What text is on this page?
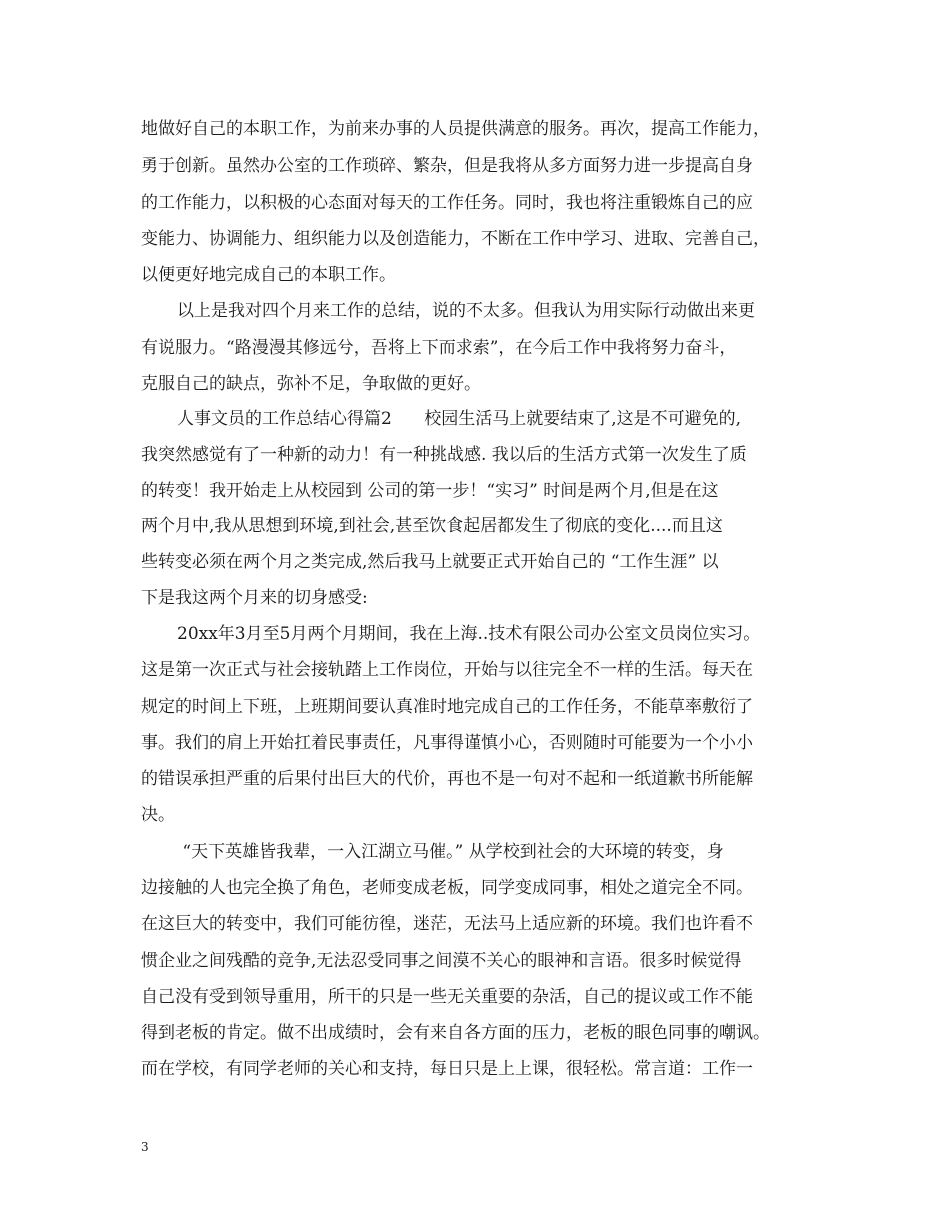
地做好自己的本职工作，为前来办事的人员提供满意的服务。再次，提高工作能力，
勇于创新。虽然办公室的工作琐碎、繁杂，但是我将从多方面努力进一步提高自身
的工作能力，以积极的心态面对每天的工作任务。同时，我也将注重锻炼自己的应
变能力、协调能力、组织能力以及创造能力，不断在工作中学习、进取、完善自己，
以便更好地完成自己的本职工作。
以上是我对四个月来工作的总结，说的不太多。但我认为用实际行动做出来更
有说服力。“路漫漫其修远兮，吾将上下而求索”，在今后工作中我将努力奋斗，
克服自己的缺点，弥补不足，争取做的更好。
人事文员的工作总结心得篇2      校园生活马上就要结束了,这是不可避免的,
我突然感觉有了一种新的动力！有一种挑战感. 我以后的生活方式第一次发生了质
的转变！我开始走上从校园到 公司的第一步！“实习” 时间是两个月,但是在这
两个月中,我从思想到环境,到社会,甚至饮食起居都发生了彻底的变化....而且这
些转变必须在两个月之类完成,然后我马上就要正式开始自己的 “工作生涯” 以
下是我这两个月来的切身感受:
20xx年3月至5月两个月期间，我在上海..技术有限公司办公室文员岗位实习。
这是第一次正式与社会接轨踏上工作岗位，开始与以往完全不一样的生活。每天在
规定的时间上下班，上班期间要认真准时地完成自己的工作任务，不能草率敷衍了
事。我们的肩上开始扛着民事责任，凡事得谨慎小心，否则随时可能要为一个小小
的错误承担严重的后果付出巨大的代价，再也不是一句对不起和一纸道歉书所能解
决。
“天下英雄皆我辈，一入江湖立马催。” 从学校到社会的大环境的转变，身
边接触的人也完全换了角色，老师变成老板，同学变成同事，相处之道完全不同。
在这巨大的转变中，我们可能彷徨，迷茫，无法马上适应新的环境。我们也许看不
惯企业之间残酷的竞争,无法忍受同事之间漠不关心的眼神和言语。很多时候觉得
自己没有受到领导重用，所干的只是一些无关重要的杂活，自己的提议或工作不能
得到老板的肯定。做不出成绩时，会有来自各方面的压力，老板的眼色同事的嘲讽。
而在学校，有同学老师的关心和支持，每日只是上上课，很轻松。常言道：工作一
3
